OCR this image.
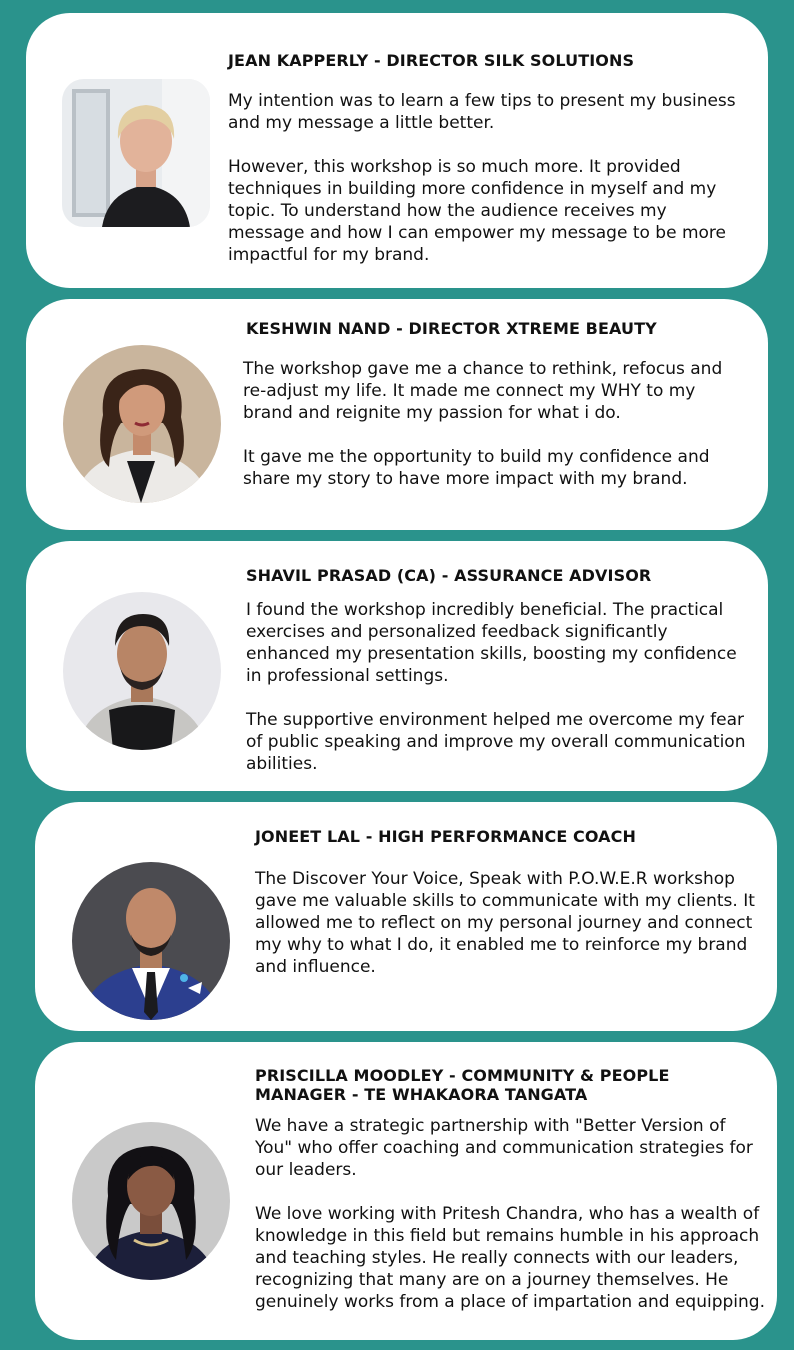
JEAN KAPPERLY - DIRECTOR SILK SOLUTIONS

My intention was to learn a few tips to present my business and my message a little better.

However, this workshop is so much more. It provided techniques in building more confidence in myself and my topic. To understand how the audience receives my message and how I can empower my message to be more impactful for my brand.

KESHWIN NAND - DIRECTOR XTREME BEAUTY

The workshop gave me a chance to rethink, refocus and re-adjust my life. It made me connect my WHY to my brand and reignite my passion for what i do.

It gave me the opportunity to build my confidence and share my story to have more impact with my brand.

SHAVIL PRASAD (CA) - ASSURANCE ADVISOR

I found the workshop incredibly beneficial. The practical exercises and personalized feedback significantly enhanced my presentation skills, boosting my confidence in professional settings.

The supportive environment helped me overcome my fear of public speaking and improve my overall communication abilities.

JONEET LAL - HIGH PERFORMANCE COACH

The Discover Your Voice, Speak with P.O.W.E.R workshop gave me valuable skills to communicate with my clients. It allowed me to reflect on my personal journey and connect my why to what I do, it enabled me to reinforce my brand and influence.

PRISCILLA MOODLEY - COMMUNITY & PEOPLE MANAGER - TE WHAKAORA TANGATA

We have a strategic partnership with "Better Version of You" who offer coaching and communication strategies for our leaders.

We love working with Pritesh Chandra, who has a wealth of knowledge in this field but remains humble in his approach and teaching styles. He really connects with our leaders, recognizing that many are on a journey themselves. He genuinely works from a place of impartation and equipping.
